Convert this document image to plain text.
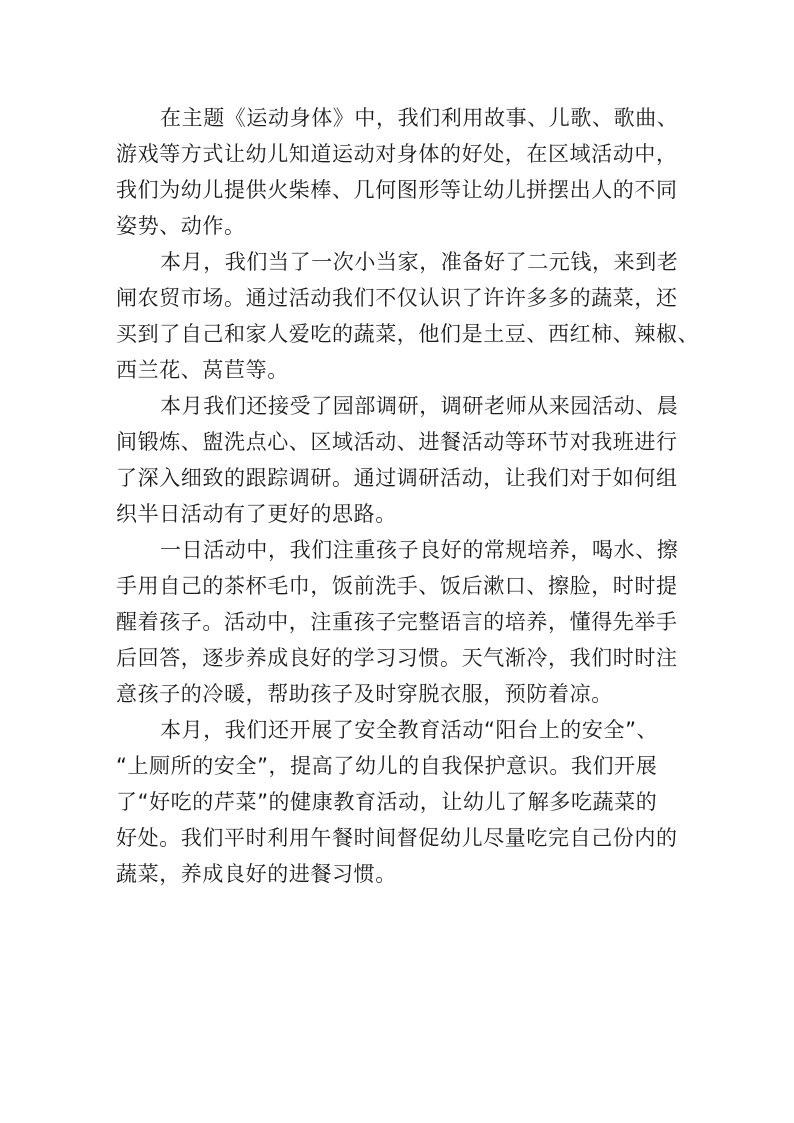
在主题《运动身体》中，我们利用故事、儿歌、歌曲、
游戏等方式让幼儿知道运动对身体的好处，在区域活动中，
我们为幼儿提供火柴棒、几何图形等让幼儿拼摆出人的不同
姿势、动作。

本月，我们当了一次小当家，准备好了二元钱，来到老
闸农贸市场。通过活动我们不仅认识了许许多多的蔬菜，还
买到了自己和家人爱吃的蔬菜，他们是土豆、西红柿、辣椒、
西兰花、莴苣等。

本月我们还接受了园部调研，调研老师从来园活动、晨
间锻炼、盥洗点心、区域活动、进餐活动等环节对我班进行
了深入细致的跟踪调研。通过调研活动，让我们对于如何组
织半日活动有了更好的思路。

一日活动中，我们注重孩子良好的常规培养，喝水、擦
手用自己的茶杯毛巾，饭前洗手、饭后漱口、擦脸，时时提
醒着孩子。活动中，注重孩子完整语言的培养，懂得先举手
后回答，逐步养成良好的学习习惯。天气渐冷，我们时时注
意孩子的冷暖，帮助孩子及时穿脱衣服，预防着凉。

本月，我们还开展了安全教育活动“阳台上的安全”、
“上厕所的安全”，提高了幼儿的自我保护意识。我们开展
了“好吃的芹菜”的健康教育活动，让幼儿了解多吃蔬菜的
好处。我们平时利用午餐时间督促幼儿尽量吃完自己份内的
蔬菜，养成良好的进餐习惯。
